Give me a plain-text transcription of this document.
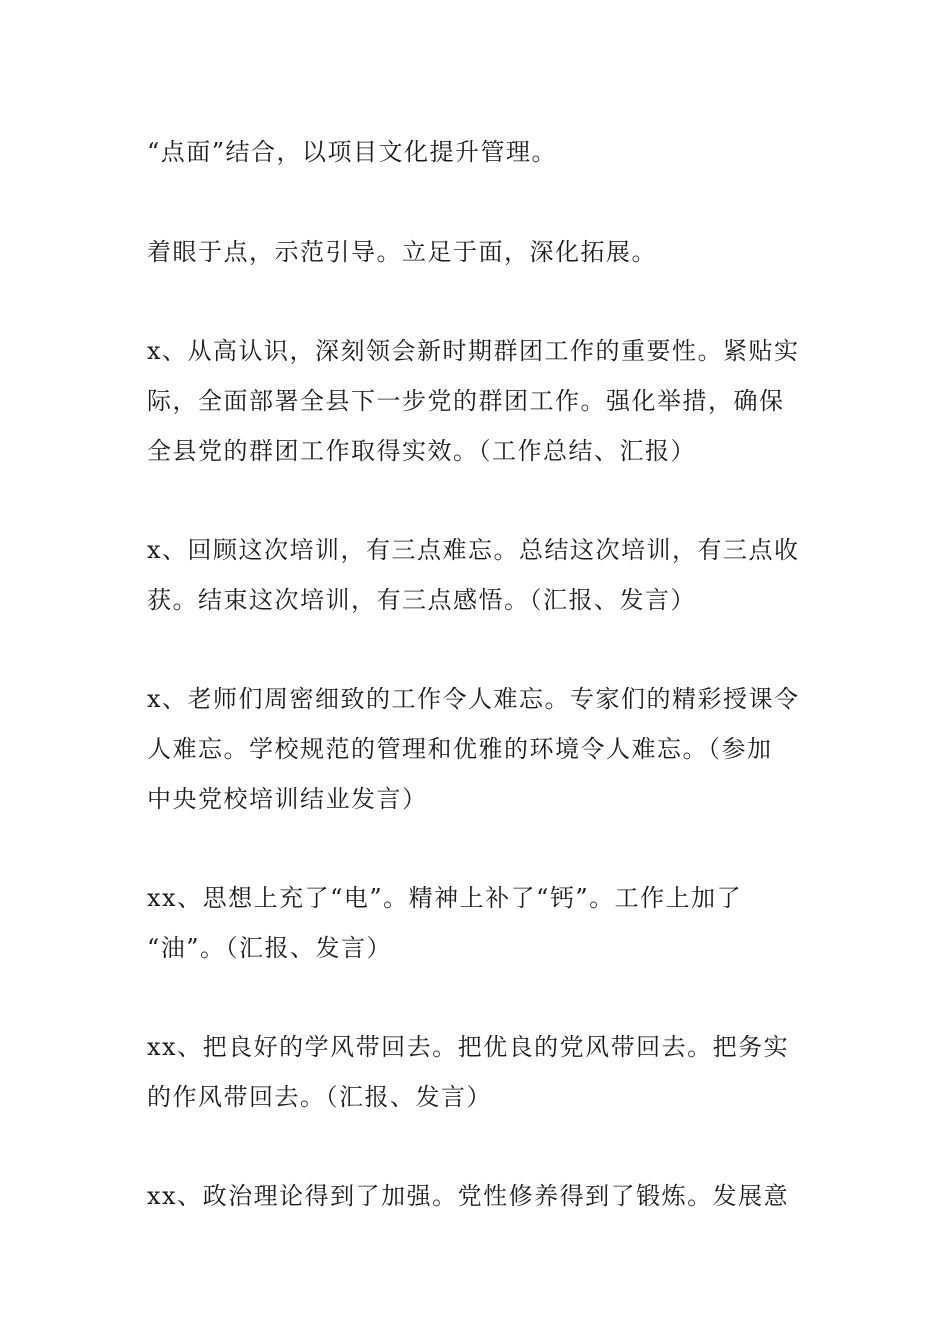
“点面”结合，以项目文化提升管理。

着眼于点，示范引导。立足于面，深化拓展。

x、从高认识，深刻领会新时期群团工作的重要性。紧贴实
际，全面部署全县下一步党的群团工作。强化举措，确保
全县党的群团工作取得实效。（工作总结、汇报）

x、回顾这次培训，有三点难忘。总结这次培训，有三点收
获。结束这次培训，有三点感悟。（汇报、发言）

x、老师们周密细致的工作令人难忘。专家们的精彩授课令
人难忘。学校规范的管理和优雅的环境令人难忘。（参加
中央党校培训结业发言）

xx、思想上充了“电”。精神上补了“钙”。工作上加了
“油”。（汇报、发言）

xx、把良好的学风带回去。把优良的党风带回去。把务实
的作风带回去。（汇报、发言）

xx、政治理论得到了加强。党性修养得到了锻炼。发展意
